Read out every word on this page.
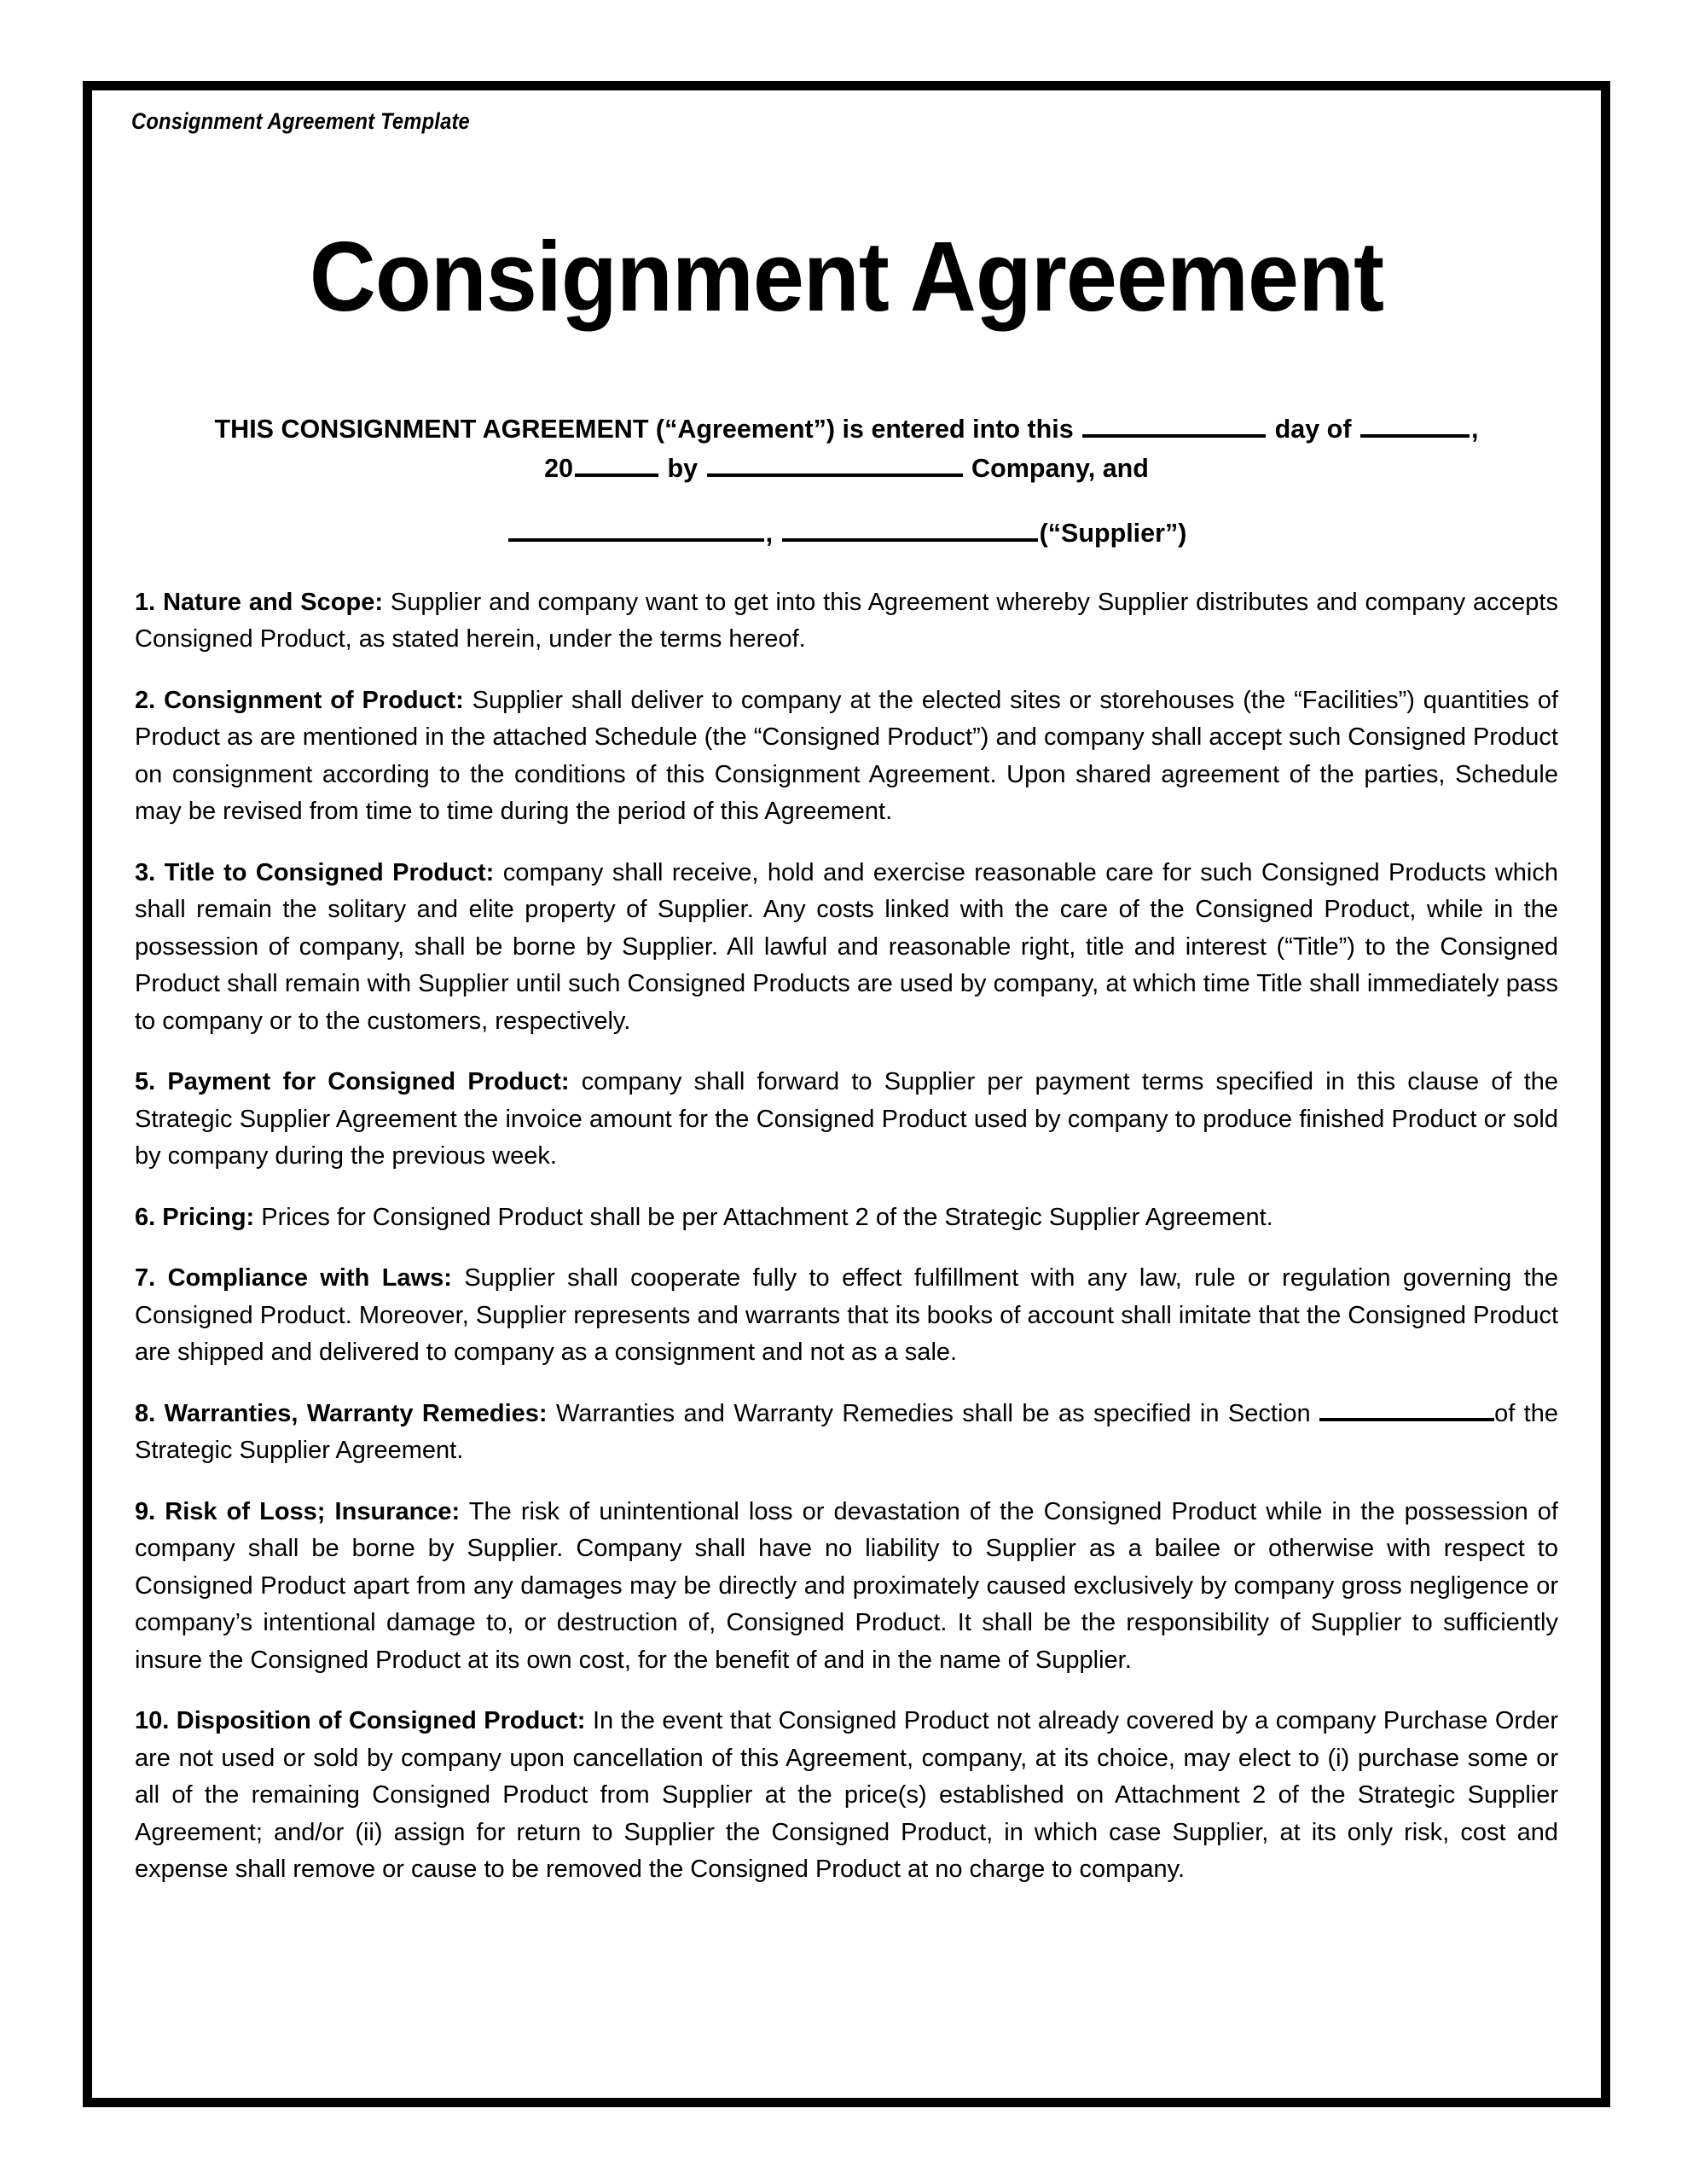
Consignment Agreement Template
Consignment Agreement
THIS CONSIGNMENT AGREEMENT (“Agreement”) is entered into this	day of	,
20	by	Company, and
,	(“Supplier”)

1. Nature and Scope: Supplier and company want to get into this Agreement whereby Supplier distributes and company accepts Consigned Product, as stated herein, under the terms hereof.

2. Consignment of Product: Supplier shall deliver to company at the elected sites or storehouses (the “Facilities”) quantities of Product as are mentioned in the attached Schedule (the “Consigned Product”) and company shall accept such Consigned Product on consignment according to the conditions of this Consignment Agreement. Upon shared agreement of the parties, Schedule may be revised from time to time during the period of this Agreement.

3. Title to Consigned Product: company shall receive, hold and exercise reasonable care for such Consigned Products which shall remain the solitary and elite property of Supplier. Any costs linked with the care of the Consigned Product, while in the possession of company, shall be borne by Supplier. All lawful and reasonable right, title and interest (“Title”) to the Consigned Product shall remain with Supplier until such Consigned Products are used by company, at which time Title shall immediately pass to company or to the customers, respectively.

5. Payment for Consigned Product: company shall forward to Supplier per payment terms specified in this clause of the Strategic Supplier Agreement the invoice amount for the Consigned Product used by company to produce finished Product or sold by company during the previous week.

6. Pricing: Prices for Consigned Product shall be per Attachment 2 of the Strategic Supplier Agreement.

7. Compliance with Laws: Supplier shall cooperate fully to effect fulfillment with any law, rule or regulation governing the Consigned Product. Moreover, Supplier represents and warrants that its books of account shall imitate that the Consigned Product are shipped and delivered to company as a consignment and not as a sale.

8. Warranties, Warranty Remedies: Warranties and Warranty Remedies shall be as specified in Section	of the Strategic Supplier Agreement.

9. Risk of Loss; Insurance: The risk of unintentional loss or devastation of the Consigned Product while in the possession of company shall be borne by Supplier. Company shall have no liability to Supplier as a bailee or otherwise with respect to Consigned Product apart from any damages may be directly and proximately caused exclusively by company gross negligence or company’s intentional damage to, or destruction of, Consigned Product. It shall be the responsibility of Supplier to sufficiently insure the Consigned Product at its own cost, for the benefit of and in the name of Supplier.

10. Disposition of Consigned Product: In the event that Consigned Product not already covered by a company Purchase Order are not used or sold by company upon cancellation of this Agreement, company, at its choice, may elect to (i) purchase some or all of the remaining Consigned Product from Supplier at the price(s) established on Attachment 2 of the Strategic Supplier Agreement; and/or (ii) assign for return to Supplier the Consigned Product, in which case Supplier, at its only risk, cost and expense shall remove or cause to be removed the Consigned Product at no charge to company.
